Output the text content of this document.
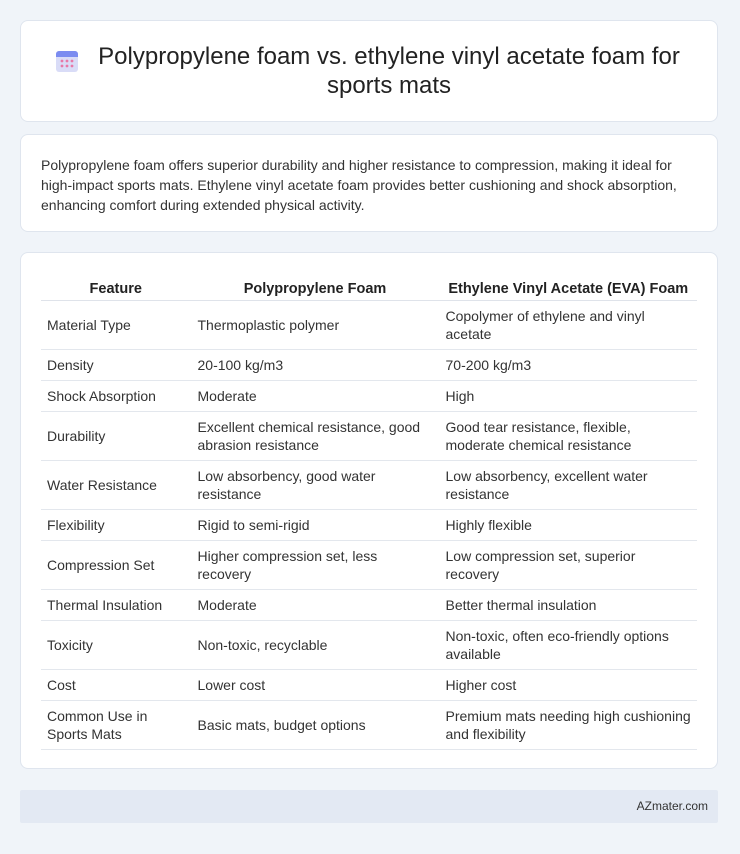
Polypropylene foam vs. ethylene vinyl acetate foam for sports mats

Polypropylene foam offers superior durability and higher resistance to compression, making it ideal for high-impact sports mats. Ethylene vinyl acetate foam provides better cushioning and shock absorption, enhancing comfort during extended physical activity.

Feature	Polypropylene Foam	Ethylene Vinyl Acetate (EVA) Foam
Material Type	Thermoplastic polymer	Copolymer of ethylene and vinyl acetate
Density	20-100 kg/m3	70-200 kg/m3
Shock Absorption	Moderate	High
Durability	Excellent chemical resistance, good abrasion resistance	Good tear resistance, flexible, moderate chemical resistance
Water Resistance	Low absorbency, good water resistance	Low absorbency, excellent water resistance
Flexibility	Rigid to semi-rigid	Highly flexible
Compression Set	Higher compression set, less recovery	Low compression set, superior recovery
Thermal Insulation	Moderate	Better thermal insulation
Toxicity	Non-toxic, recyclable	Non-toxic, often eco-friendly options available
Cost	Lower cost	Higher cost
Common Use in Sports Mats	Basic mats, budget options	Premium mats needing high cushioning and flexibility
AZmater.com
